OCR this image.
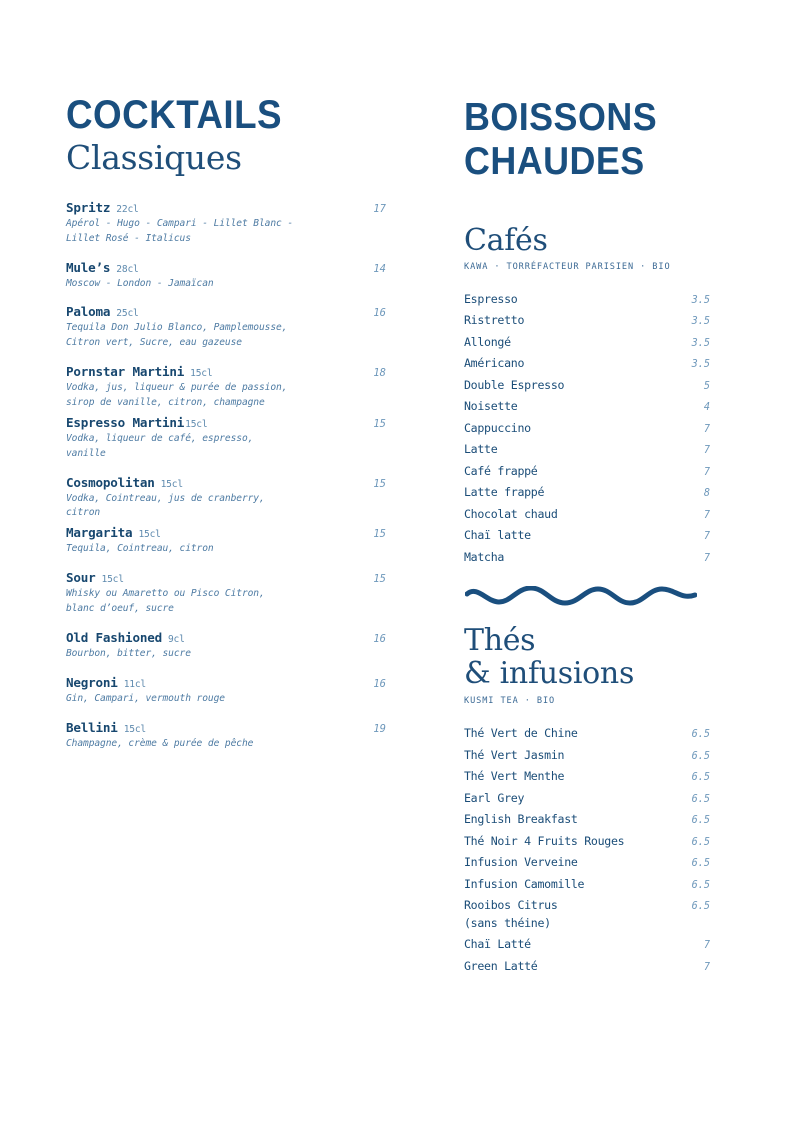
COCKTAILS
Classiques
Spritz 22cl	17
Apérol - Hugo - Campari - Lillet Blanc - Lillet Rosé - Italicus
Mule’s 28cl	14
Moscow - London - Jamaïcan
Paloma 25cl	16
Tequila Don Julio Blanco, Pamplemousse, Citron vert, Sucre, eau gazeuse
Pornstar Martini 15cl	18
Vodka, jus, liqueur & purée de passion, sirop de vanille, citron, champagne
Espresso Martini 15cl	15
Vodka, liqueur de café, espresso, vanille
Cosmopolitan 15cl	15
Vodka, Cointreau, jus de cranberry, citron
Margarita 15cl	15
Tequila, Cointreau, citron
Sour 15cl	15
Whisky ou Amaretto ou Pisco Citron, blanc d’oeuf, sucre
Old Fashioned 9cl	16
Bourbon, bitter, sucre
Negroni 11cl	16
Gin, Campari, vermouth rouge
Bellini 15cl	19
Champagne, crème & purée de pêche
BOISSONS
CHAUDES
Cafés
KAWA · TORRÉFACTEUR PARISIEN · BIO
Espresso	3.5
Ristretto	3.5
Allongé	3.5
Américano	3.5
Double Espresso	5
Noisette	4
Cappuccino	7
Latte	7
Café frappé	7
Latte frappé	8
Chocolat chaud	7
Chaï latte	7
Matcha	7
Thés
& infusions
KUSMI TEA · BIO
Thé Vert de Chine	6.5
Thé Vert Jasmin	6.5
Thé Vert Menthe	6.5
Earl Grey	6.5
English Breakfast	6.5
Thé Noir 4 Fruits Rouges	6.5
Infusion Verveine	6.5
Infusion Camomille	6.5
Rooibos Citrus	6.5
(sans théine)
Chaï Latté	7
Green Latté	7
